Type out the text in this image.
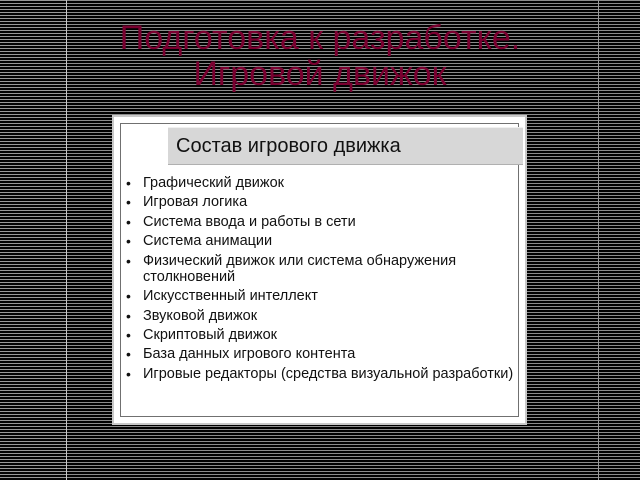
Подготовка к разработке.
Игровой движок
Состав игрового движка
• Графический движок
• Игровая логика
• Система ввода и работы в сети
• Система анимации
• Физический движок или система обнаружения столкновений
• Искусственный интеллект
• Звуковой движок
• Скриптовый движок
• База данных игрового контента
• Игровые редакторы (средства визуальной разработки)
